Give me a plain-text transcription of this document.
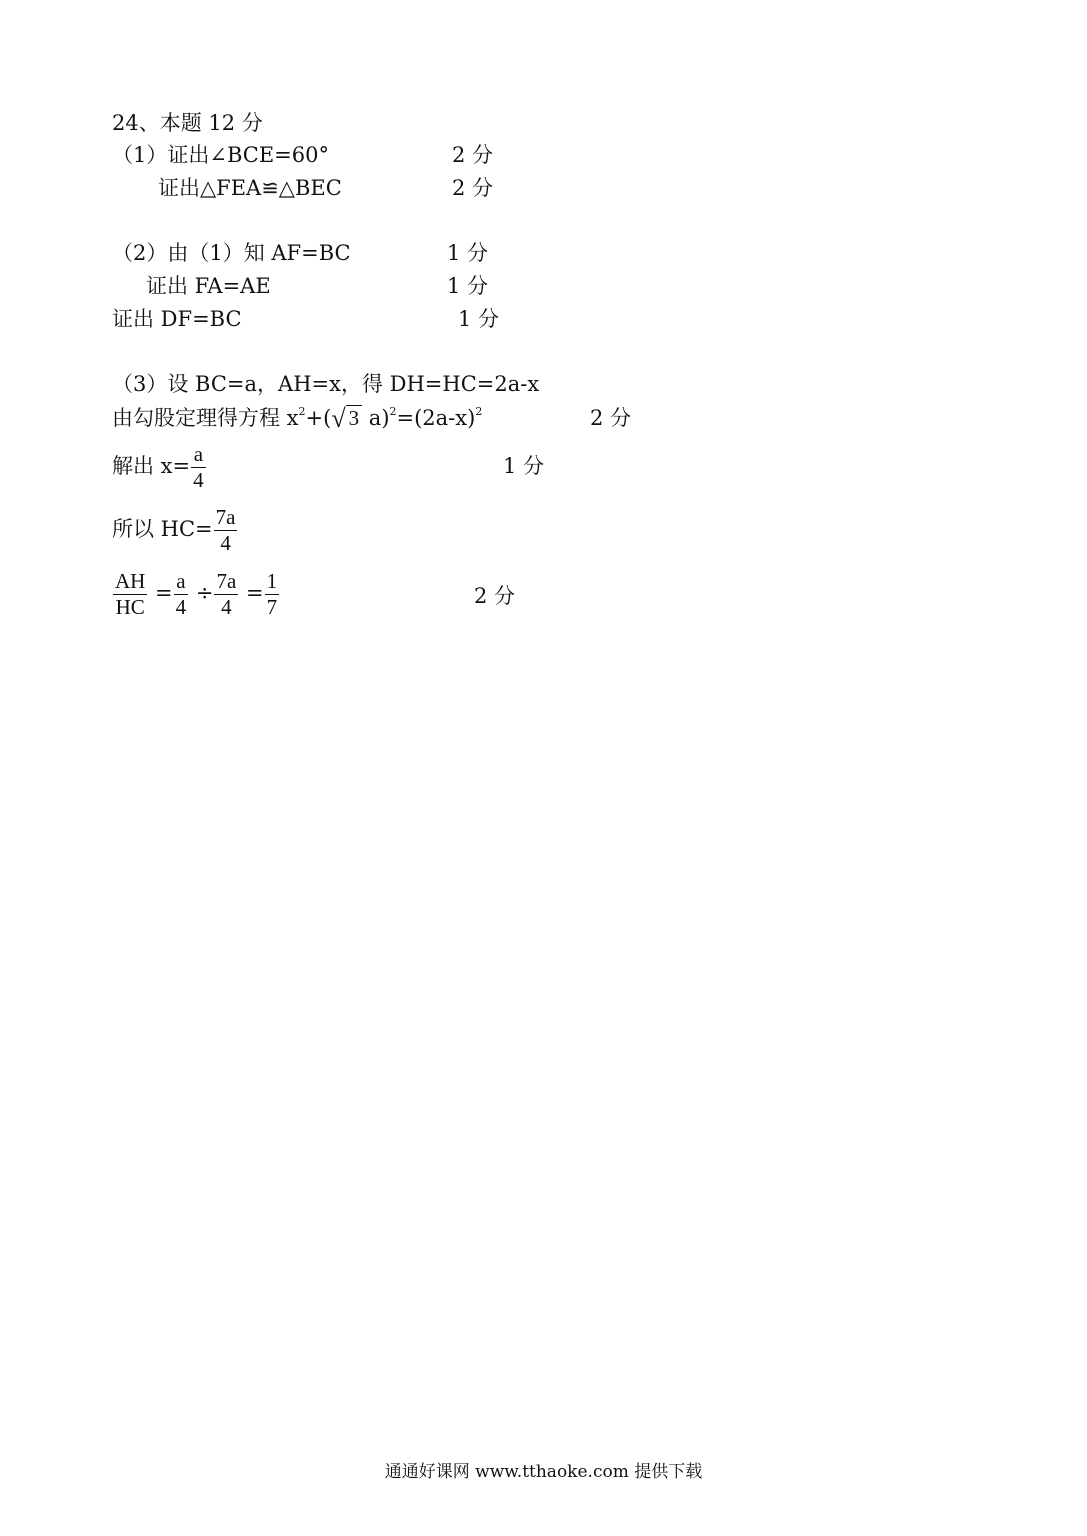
24、本题 12 分
（1）证出∠BCE=60°	2 分
证出△FEA≌△BEC	2 分
（2）由（1）知 AF=BC	1 分
证出 FA=AE	1 分
证出 DF=BC	1 分
（3）设 BC=a，AH=x，得 DH=HC=2a-x
由勾股定理得方程 $x^2+(√$ 3 $a)^2=(2a-x)^2$	2 分
解出 $x= \frac{a}{4}$	1 分
所以 $HC= \frac{7a}{4}$
$\frac{AH}{HC} = \frac{a}{4} \div \frac{7a}{4} = \frac{1}{7}$	2 分
通通好课网 www.tthaoke.com 提供下载
